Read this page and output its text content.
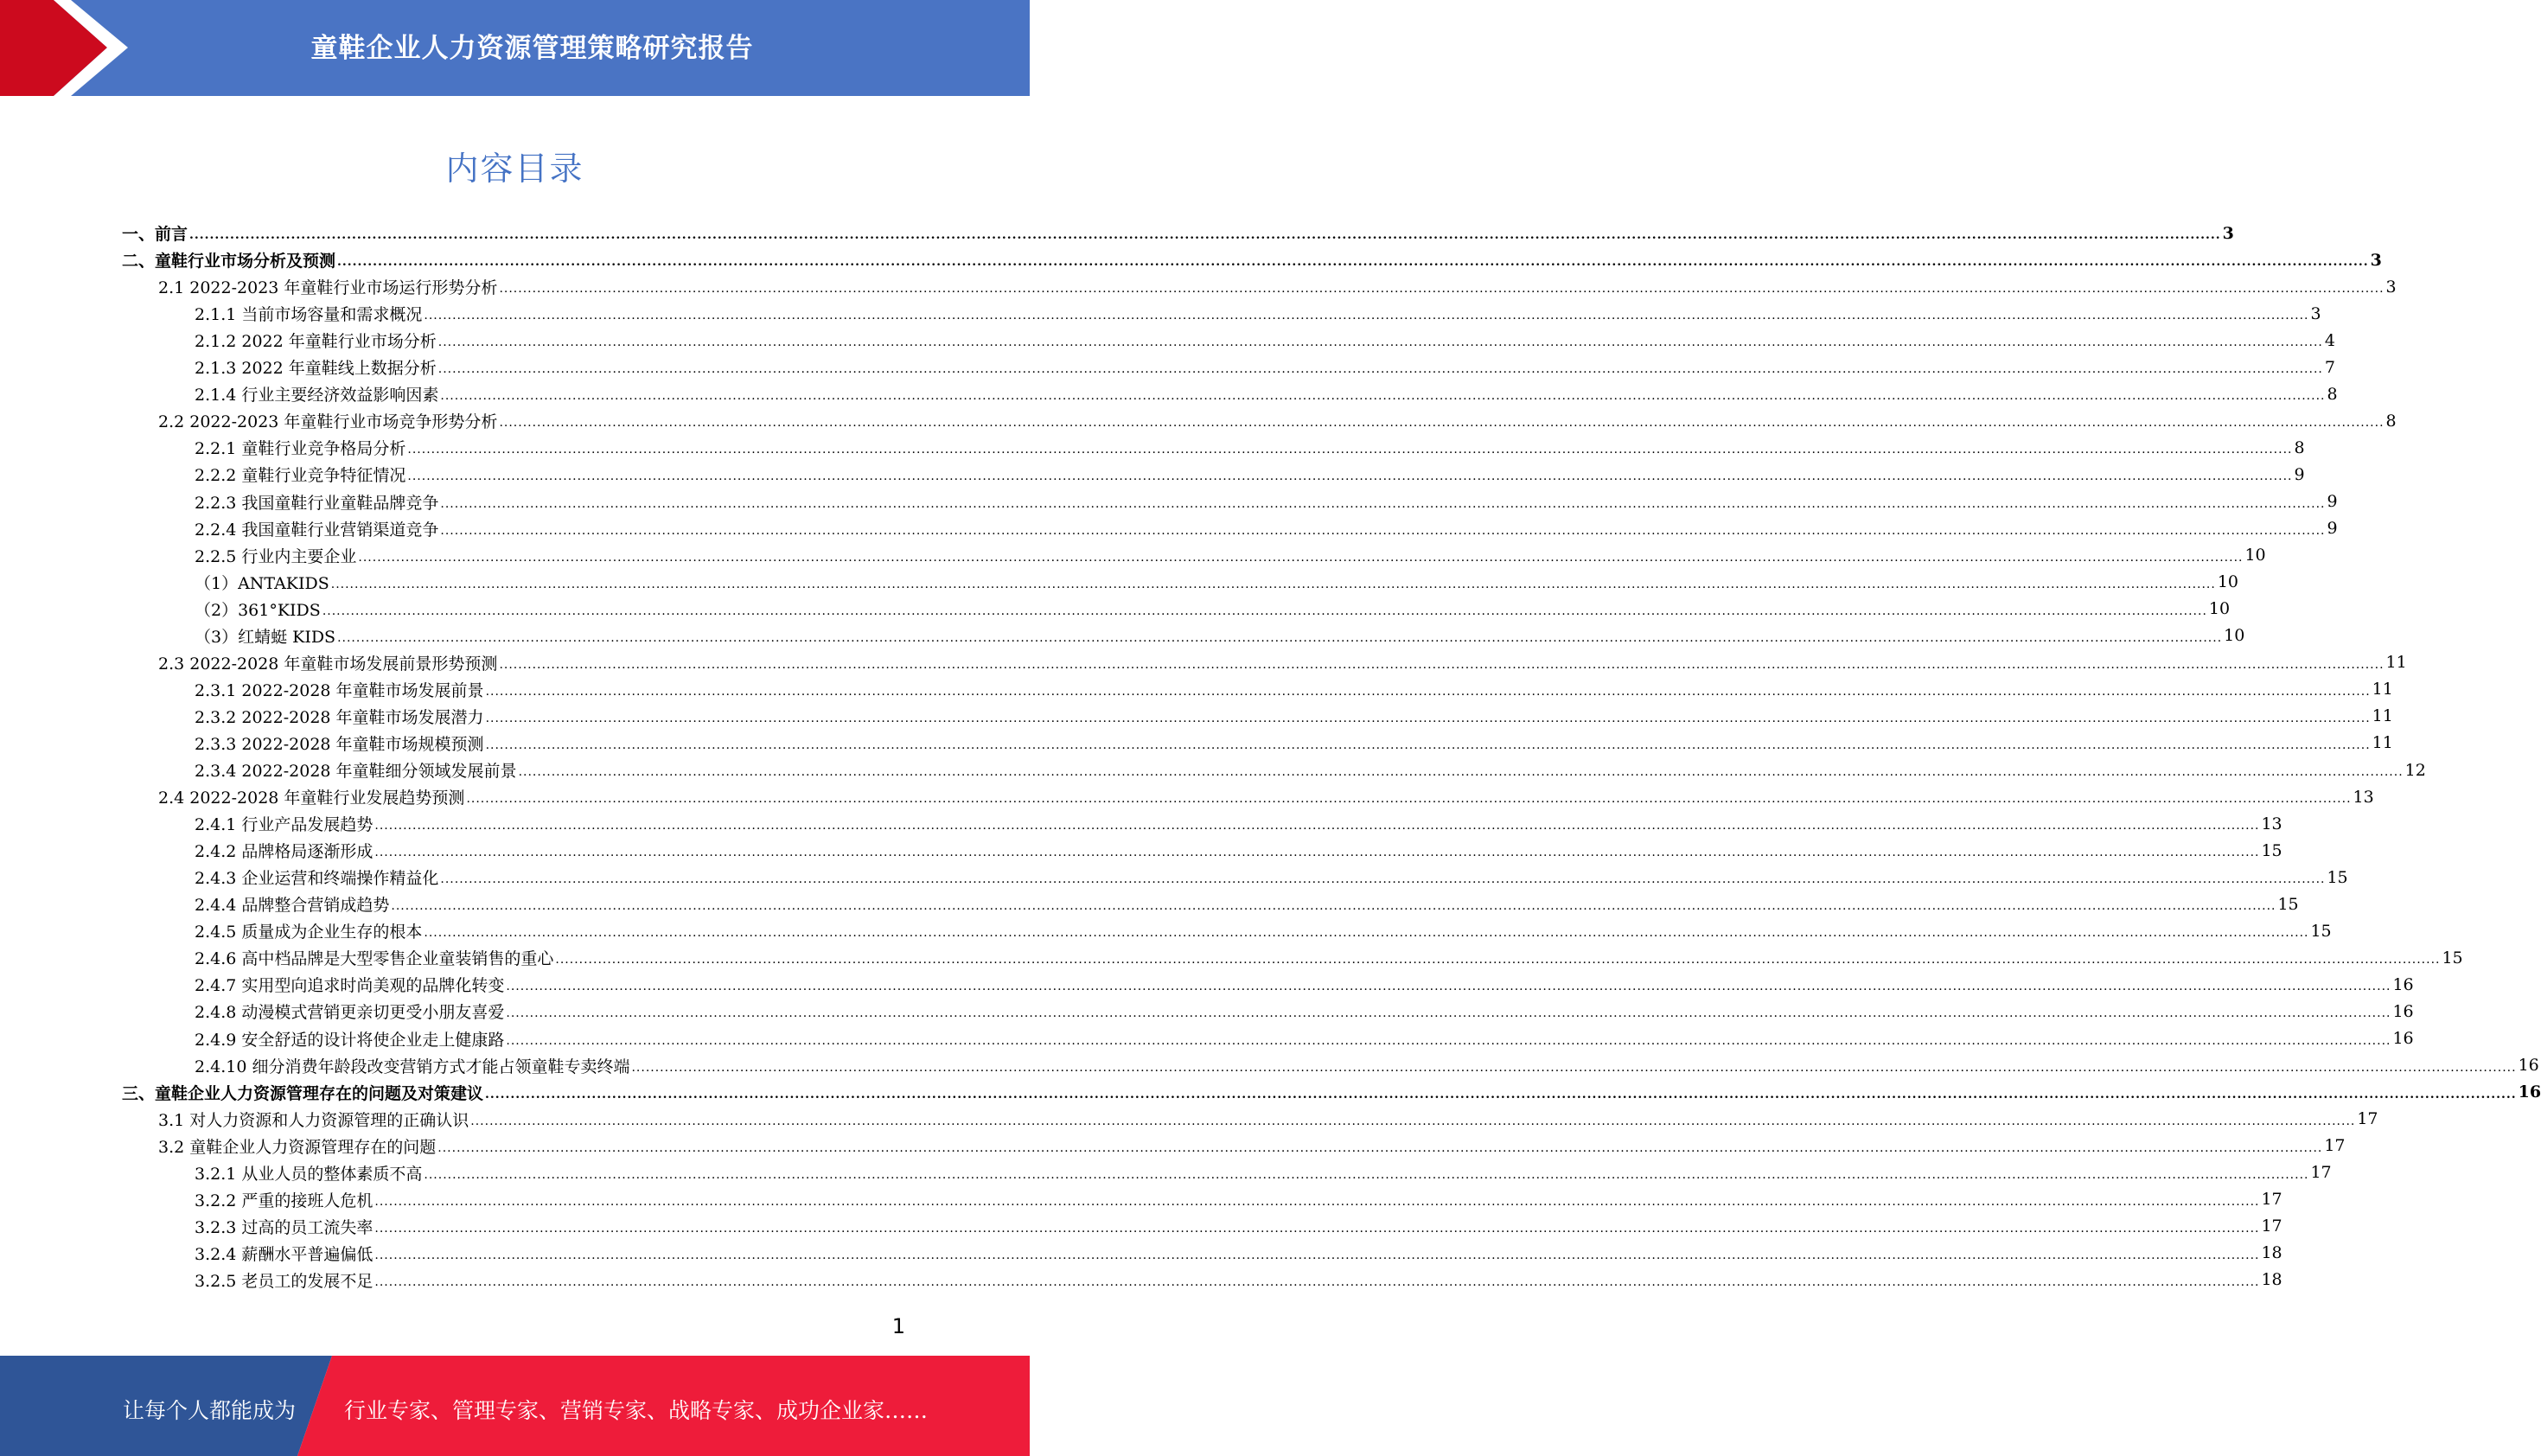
童鞋企业人力资源管理策略研究报告
内容目录
一、前言 ................................................................................................................................................................................................................................................................................................................................................................................................................ 3
二、童鞋行业市场分析及预测 ................................................................................................................................................................................................................................................................................................................................................................................................................ 3
2.1 2022-2023 年童鞋行业市场运行形势分析 ................................................................................................................................................................................................................................................................................................................................................................................................................ 3
2.1.1 当前市场容量和需求概况 ................................................................................................................................................................................................................................................................................................................................................................................................................ 3
2.1.2 2022 年童鞋行业市场分析 ................................................................................................................................................................................................................................................................................................................................................................................................................ 4
2.1.3 2022 年童鞋线上数据分析 ................................................................................................................................................................................................................................................................................................................................................................................................................ 7
2.1.4 行业主要经济效益影响因素 ................................................................................................................................................................................................................................................................................................................................................................................................................ 8
2.2 2022-2023 年童鞋行业市场竞争形势分析 ................................................................................................................................................................................................................................................................................................................................................................................................................ 8
2.2.1 童鞋行业竞争格局分析 ................................................................................................................................................................................................................................................................................................................................................................................................................ 8
2.2.2 童鞋行业竞争特征情况 ................................................................................................................................................................................................................................................................................................................................................................................................................ 9
2.2.3 我国童鞋行业童鞋品牌竞争 ................................................................................................................................................................................................................................................................................................................................................................................................................ 9
2.2.4 我国童鞋行业营销渠道竞争 ................................................................................................................................................................................................................................................................................................................................................................................................................ 9
2.2.5 行业内主要企业 ................................................................................................................................................................................................................................................................................................................................................................................................................ 10
（1）ANTAKIDS ................................................................................................................................................................................................................................................................................................................................................................................................................ 10
（2）361°KIDS ................................................................................................................................................................................................................................................................................................................................................................................................................ 10
（3）红蜻蜓 KIDS ................................................................................................................................................................................................................................................................................................................................................................................................................ 10
2.3 2022-2028 年童鞋市场发展前景形势预测 ................................................................................................................................................................................................................................................................................................................................................................................................................ 11
2.3.1 2022-2028 年童鞋市场发展前景 ................................................................................................................................................................................................................................................................................................................................................................................................................ 11
2.3.2 2022-2028 年童鞋市场发展潜力 ................................................................................................................................................................................................................................................................................................................................................................................................................ 11
2.3.3 2022-2028 年童鞋市场规模预测 ................................................................................................................................................................................................................................................................................................................................................................................................................ 11
2.3.4 2022-2028 年童鞋细分领域发展前景 ................................................................................................................................................................................................................................................................................................................................................................................................................ 12
2.4 2022-2028 年童鞋行业发展趋势预测 ................................................................................................................................................................................................................................................................................................................................................................................................................ 13
2.4.1 行业产品发展趋势 ................................................................................................................................................................................................................................................................................................................................................................................................................ 13
2.4.2 品牌格局逐渐形成 ................................................................................................................................................................................................................................................................................................................................................................................................................ 15
2.4.3 企业运营和终端操作精益化 ................................................................................................................................................................................................................................................................................................................................................................................................................ 15
2.4.4 品牌整合营销成趋势 ................................................................................................................................................................................................................................................................................................................................................................................................................ 15
2.4.5 质量成为企业生存的根本 ................................................................................................................................................................................................................................................................................................................................................................................................................ 15
2.4.6 高中档品牌是大型零售企业童装销售的重心 ................................................................................................................................................................................................................................................................................................................................................................................................................ 15
2.4.7 实用型向追求时尚美观的品牌化转变 ................................................................................................................................................................................................................................................................................................................................................................................................................ 16
2.4.8 动漫模式营销更亲切更受小朋友喜爱 ................................................................................................................................................................................................................................................................................................................................................................................................................ 16
2.4.9 安全舒适的设计将使企业走上健康路 ................................................................................................................................................................................................................................................................................................................................................................................................................ 16
2.4.10 细分消费年龄段改变营销方式才能占领童鞋专卖终端 ................................................................................................................................................................................................................................................................................................................................................................................................................ 16
三、童鞋企业人力资源管理存在的问题及对策建议 ................................................................................................................................................................................................................................................................................................................................................................................................................ 16
3.1 对人力资源和人力资源管理的正确认识 ................................................................................................................................................................................................................................................................................................................................................................................................................ 17
3.2 童鞋企业人力资源管理存在的问题 ................................................................................................................................................................................................................................................................................................................................................................................................................ 17
3.2.1 从业人员的整体素质不高 ................................................................................................................................................................................................................................................................................................................................................................................................................ 17
3.2.2 严重的接班人危机 ................................................................................................................................................................................................................................................................................................................................................................................................................ 17
3.2.3 过高的员工流失率 ................................................................................................................................................................................................................................................................................................................................................................................................................ 17
3.2.4 薪酬水平普遍偏低 ................................................................................................................................................................................................................................................................................................................................................................................................................ 18
3.2.5 老员工的发展不足 ................................................................................................................................................................................................................................................................................................................................................................................................................ 18
1
让每个人都能成为 行业专家、管理专家、营销专家、战略专家、成功企业家……
